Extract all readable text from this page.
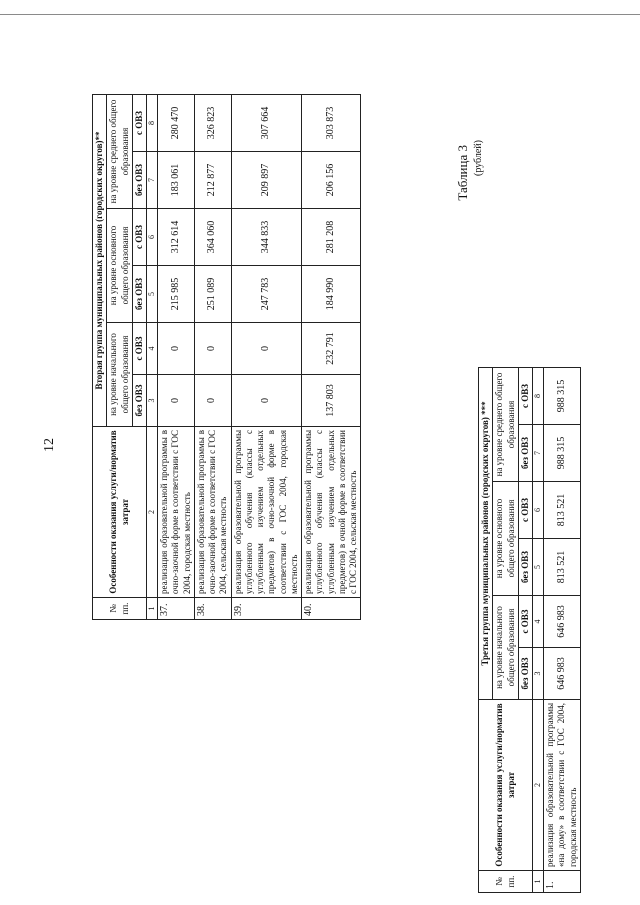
12
№ пп.	Особенности оказания услуги/норматив затрат	Вторая группа муниципальных районов (городских округов)**					
		на уровне начального общего образования		на уровне основного общего образования		на уровне среднего общего образования	
		без ОВЗ	с ОВЗ	без ОВЗ	с ОВЗ	без ОВЗ	с ОВЗ
1	2	3	4	5	6	7	8
37.	реализация образовательной программы в очно-заочной форме в соответствии с ГОС 2004, городская местность	0	0	215 985	312 614	183 061	280 470
38.	реализация образовательной программы в очно-заочной форме в соответствии с ГОС 2004, сельская местность	0	0	251 089	364 060	212 877	326 823
39.	реализация образовательной программы углубленного обучения (классы с углубленным изучением отдельных предметов) в очно-заочной форме в соответствии с ГОС 2004, городская местность	0	0	247 783	344 833	209 897	307 664
40.	реализация образовательной программы углубленного обучения (классы с углубленным изучением отдельных предметов) в очной форме в соответствии с ГОС 2004, сельская местность	137 803	232 791	184 990	281 208	206 156	303 873
Таблица 3 (рублей)
№ пп.	Особенности оказания услуги/норматив затрат	Третья группа муниципальных районов (городских округов) ***					
		на уровне начального общего образования		на уровне основного общего образования		на уровне среднего общего образования	
		без ОВЗ	с ОВЗ	без ОВЗ	с ОВЗ	без ОВЗ	с ОВЗ
1	2	3	4	5	6	7	8
1.	реализация образовательной программы «на дому» в соответствии с ГОС 2004, городская местность	646 983	646 983	813 521	813 521	988 315	988 315
